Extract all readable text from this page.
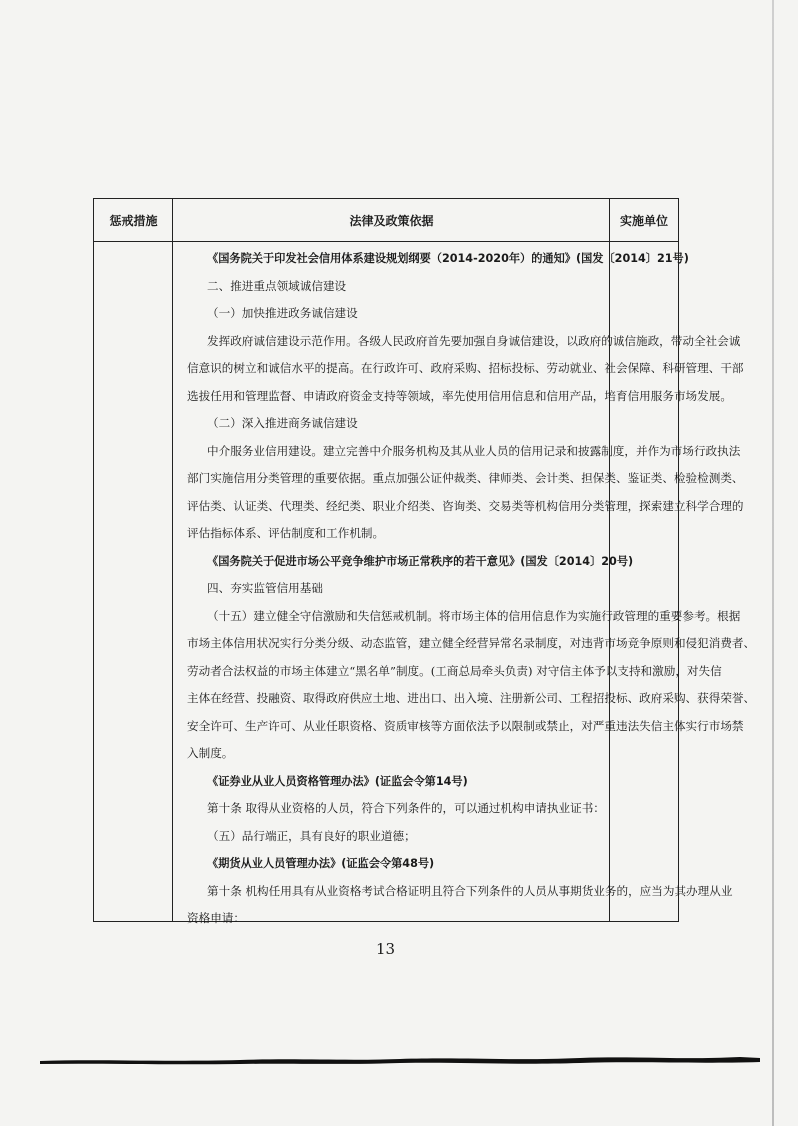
惩戒措施	法律及政策依据	实施单位
《国务院关于印发社会信用体系建设规划纲要（2014-2020年）的通知》(国发〔2014〕21号)
二、推进重点领域诚信建设
（一）加快推进政务诚信建设
发挥政府诚信建设示范作用。各级人民政府首先要加强自身诚信建设，以政府的诚信施政，带动全社会诚
信意识的树立和诚信水平的提高。在行政许可、政府采购、招标投标、劳动就业、社会保障、科研管理、干部
选拔任用和管理监督、申请政府资金支持等领域，率先使用信用信息和信用产品，培育信用服务市场发展。
（二）深入推进商务诚信建设
中介服务业信用建设。建立完善中介服务机构及其从业人员的信用记录和披露制度，并作为市场行政执法
部门实施信用分类管理的重要依据。重点加强公证仲裁类、律师类、会计类、担保类、鉴证类、检验检测类、
评估类、认证类、代理类、经纪类、职业介绍类、咨询类、交易类等机构信用分类管理，探索建立科学合理的
评估指标体系、评估制度和工作机制。
《国务院关于促进市场公平竞争维护市场正常秩序的若干意见》(国发〔2014〕20号)
四、夯实监管信用基础
（十五）建立健全守信激励和失信惩戒机制。将市场主体的信用信息作为实施行政管理的重要参考。根据
市场主体信用状况实行分类分级、动态监管，建立健全经营异常名录制度，对违背市场竞争原则和侵犯消费者、
劳动者合法权益的市场主体建立“黑名单”制度。(工商总局牵头负责) 对守信主体予以支持和激励，对失信
主体在经营、投融资、取得政府供应土地、进出口、出入境、注册新公司、工程招投标、政府采购、获得荣誉、
安全许可、生产许可、从业任职资格、资质审核等方面依法予以限制或禁止，对严重违法失信主体实行市场禁
入制度。
《证券业从业人员资格管理办法》(证监会令第14号)
第十条 取得从业资格的人员，符合下列条件的，可以通过机构申请执业证书：
（五）品行端正，具有良好的职业道德；
《期货从业人员管理办法》(证监会令第48号)
第十条 机构任用具有从业资格考试合格证明且符合下列条件的人员从事期货业务的，应当为其办理从业
资格申请：
13
